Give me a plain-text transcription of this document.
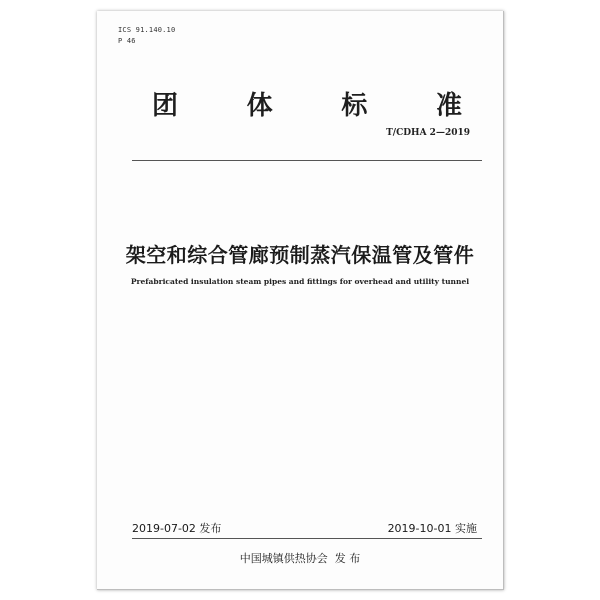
ICS 91.140.10
P 46
团	体	标	准
T/CDHA 2—2019
架空和综合管廊预制蒸汽保温管及管件
Prefabricated insulation steam pipes and fittings for overhead and utility tunnel
2019-07-02 发布	2019-10-01 实施
中国城镇供热协会  发 布
